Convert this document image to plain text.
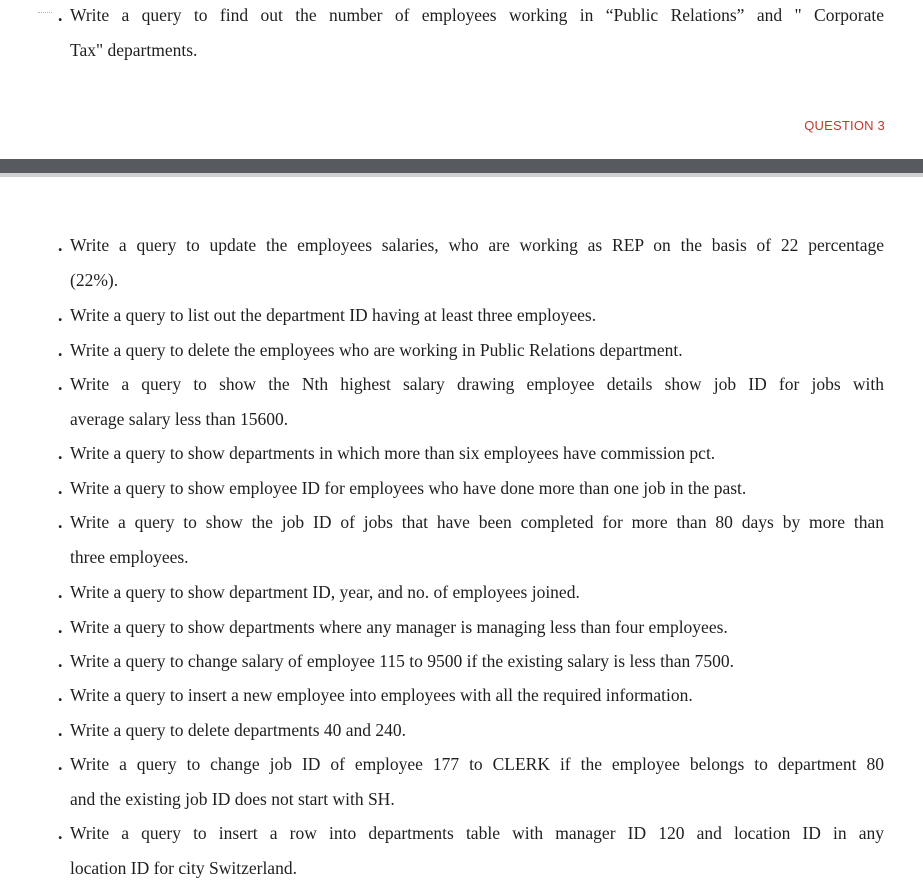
. Write a query to find out the number of employees working in “Public Relations” and " Corporate
Tax" departments.
QUESTION 3
. Write a query to update the employees salaries, who are working as REP on the basis of 22 percentage
(22%).
. Write a query to list out the department ID having at least three employees.
. Write a query to delete the employees who are working in Public Relations department.
. Write a query to show the Nth highest salary drawing employee details show job ID for jobs with
average salary less than 15600.
. Write a query to show departments in which more than six employees have commission pct.
. Write a query to show employee ID for employees who have done more than one job in the past.
. Write a query to show the job ID of jobs that have been completed for more than 80 days by more than
three employees.
. Write a query to show department ID, year, and no. of employees joined.
. Write a query to show departments where any manager is managing less than four employees.
. Write a query to change salary of employee 115 to 9500 if the existing salary is less than 7500.
. Write a query to insert a new employee into employees with all the required information.
. Write a query to delete departments 40 and 240.
. Write a query to change job ID of employee 177 to CLERK if the employee belongs to department 80
and the existing job ID does not start with SH.
. Write a query to insert a row into departments table with manager ID 120 and location ID in any
location ID for city Switzerland.
